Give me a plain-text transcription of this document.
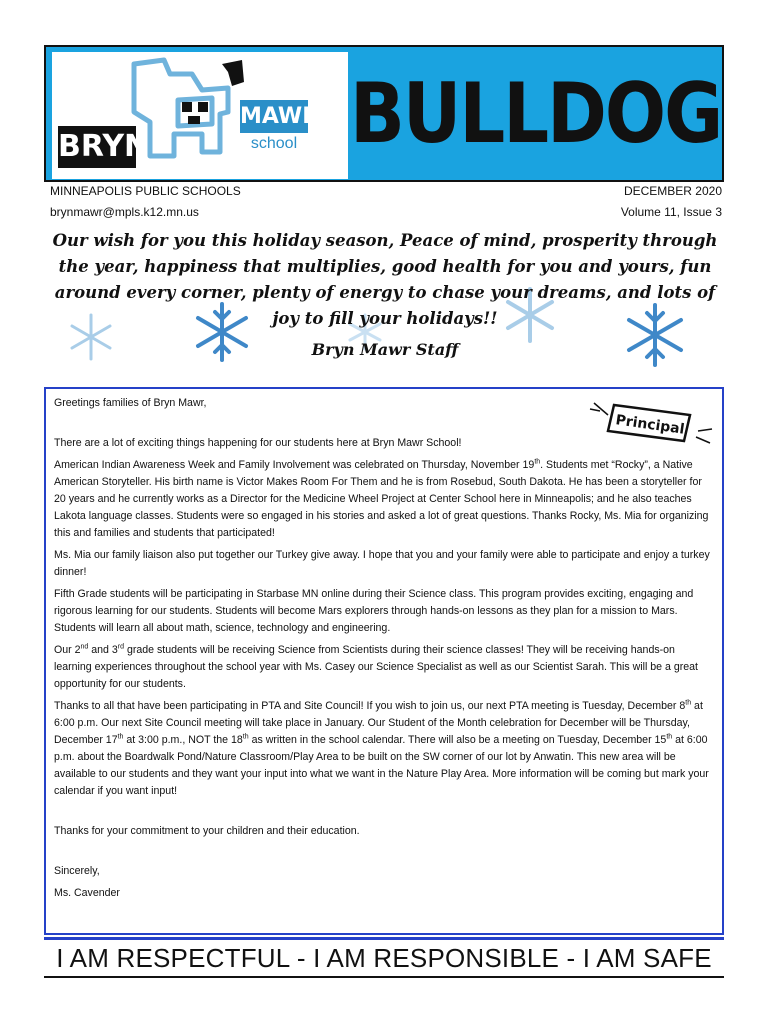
BRYN
MAWR
school BULLDOG
MINNEAPOLIS PUBLIC SCHOOLS	DECEMBER 2020
brynmawr@mpls.k12.mn.us	Volume 11, Issue 3
Our wish for you this holiday season, Peace of mind, prosperity through the year, happiness that multiplies, good health for you and yours, fun around every corner, plenty of energy to chase your dreams, and lots of joy to fill your holidays!!
Bryn Mawr Staff
Principal

Greetings families of Bryn Mawr,

There are a lot of exciting things happening for our students here at Bryn Mawr School!

American Indian Awareness Week and Family Involvement was celebrated on Thursday, November 19th. Students met “Rocky”, a Native American Storyteller. His birth name is Victor Makes Room For Them and he is from Rosebud, South Dakota. He has been a storyteller for 20 years and he currently works as a Director for the Medicine Wheel Project at Center School here in Minneapolis; and he also teaches Lakota language classes. Students were so engaged in his stories and asked a lot of great questions. Thanks Rocky, Ms. Mia for organizing this and families and students that participated!

Ms. Mia our family liaison also put together our Turkey give away. I hope that you and your family were able to participate and enjoy a turkey dinner!

Fifth Grade students will be participating in Starbase MN online during their Science class. This program provides exciting, engaging and rigorous learning for our students. Students will become Mars explorers through hands-on lessons as they plan for a mission to Mars. Students will learn all about math, science, technology and engineering.

Our 2nd and 3rd grade students will be receiving Science from Scientists during their science classes! They will be receiving hands-on learning experiences throughout the school year with Ms. Casey our Science Specialist as well as our Scientist Sarah. This will be a great opportunity for our students.

Thanks to all that have been participating in PTA and Site Council! If you wish to join us, our next PTA meeting is Tuesday, December 8th at 6:00 p.m. Our next Site Council meeting will take place in January. Our Student of the Month celebration for December will be Thursday, December 17th at 3:00 p.m., NOT the 18th as written in the school calendar. There will also be a meeting on Tuesday, December 15th at 6:00 p.m. about the Boardwalk Pond/Nature Classroom/Play Area to be built on the SW corner of our lot by Anwatin. This new area will be available to our students and they want your input into what we want in the Nature Play Area. More information will be coming but mark your calendar if you want input!

Thanks for your commitment to your children and their education.

Sincerely,

Ms. Cavender

I AM RESPECTFUL - I AM RESPONSIBLE - I AM SAFE
